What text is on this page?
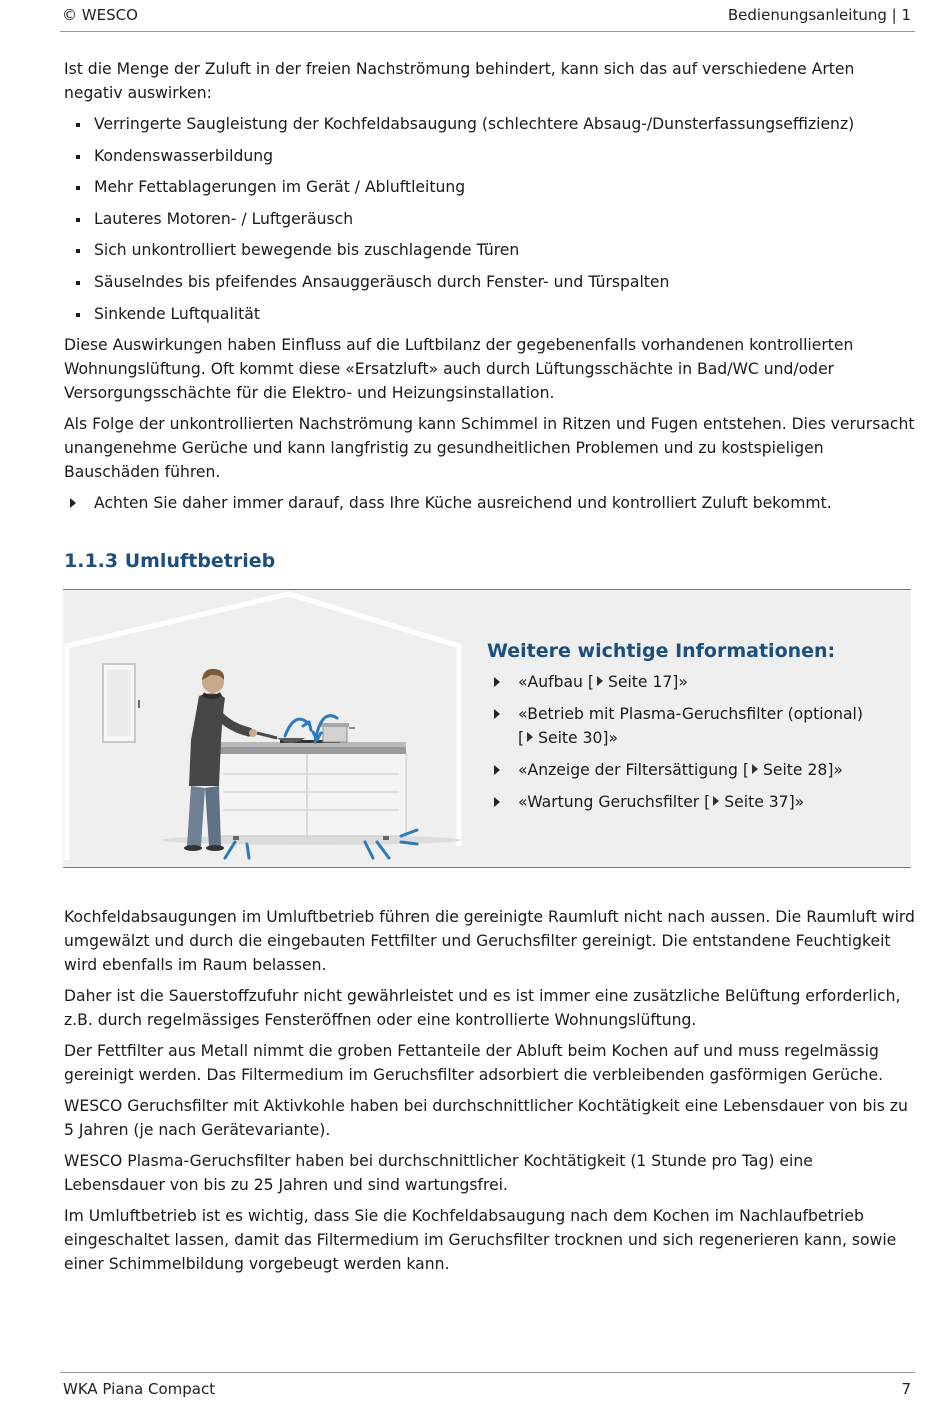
© WESCO	Bedienungsanleitung | 1

Ist die Menge der Zuluft in der freien Nachströmung behindert, kann sich das auf verschiedene Arten negativ auswirken:

Verringerte Saugleistung der Kochfeldabsaugung (schlechtere Absaug-/Dunsterfassungseffizienz)
Kondenswasserbildung
Mehr Fettablagerungen im Gerät / Abluftleitung
Lauteres Motoren- / Luftgeräusch
Sich unkontrolliert bewegende bis zuschlagende Türen
Säuselndes bis pfeifendes Ansauggeräusch durch Fenster- und Türspalten
Sinkende Luftqualität

Diese Auswirkungen haben Einfluss auf die Luftbilanz der gegebenenfalls vorhandenen kontrollierten Wohnungslüftung. Oft kommt diese «Ersatzluft» auch durch Lüftungsschächte in Bad/WC und/oder Versorgungsschächte für die Elektro- und Heizungsinstallation.

Als Folge der unkontrollierten Nachströmung kann Schimmel in Ritzen und Fugen entstehen. Dies verursacht unangenehme Gerüche und kann langfristig zu gesundheitlichen Problemen und zu kostspieligen Bauschäden führen.

Achten Sie daher immer darauf, dass Ihre Küche ausreichend und kontrolliert Zuluft bekommt.

1.1.3 Umluftbetrieb
Weitere wichtige Informationen:
«Aufbau [ Seite 17]»
«Betrieb mit Plasma-Geruchsfilter (optional)
[ Seite 30]»
«Anzeige der Filtersättigung [ Seite 28]»
«Wartung Geruchsfilter [ Seite 37]»

Kochfeldabsaugungen im Umluftbetrieb führen die gereinigte Raumluft nicht nach aussen. Die Raumluft wird umgewälzt und durch die eingebauten Fettfilter und Geruchsfilter gereinigt. Die entstandene Feuchtigkeit wird ebenfalls im Raum belassen.

Daher ist die Sauerstoffzufuhr nicht gewährleistet und es ist immer eine zusätzliche Belüftung erforderlich, z.B. durch regelmässiges Fensteröffnen oder eine kontrollierte Wohnungslüftung.

Der Fettfilter aus Metall nimmt die groben Fettanteile der Abluft beim Kochen auf und muss regelmässig gereinigt werden. Das Filtermedium im Geruchsfilter adsorbiert die verbleibenden gasförmigen Gerüche.

WESCO Geruchsfilter mit Aktivkohle haben bei durchschnittlicher Kochtätigkeit eine Lebensdauer von bis zu 5 Jahren (je nach Gerätevariante).

WESCO Plasma-Geruchsfilter haben bei durchschnittlicher Kochtätigkeit (1 Stunde pro Tag) eine Lebensdauer von bis zu 25 Jahren und sind wartungsfrei.

Im Umluftbetrieb ist es wichtig, dass Sie die Kochfeldabsaugung nach dem Kochen im Nachlaufbetrieb eingeschaltet lassen, damit das Filtermedium im Geruchsfilter trocknen und sich regenerieren kann, sowie einer Schimmelbildung vorgebeugt werden kann.

WKA Piana Compact	7
